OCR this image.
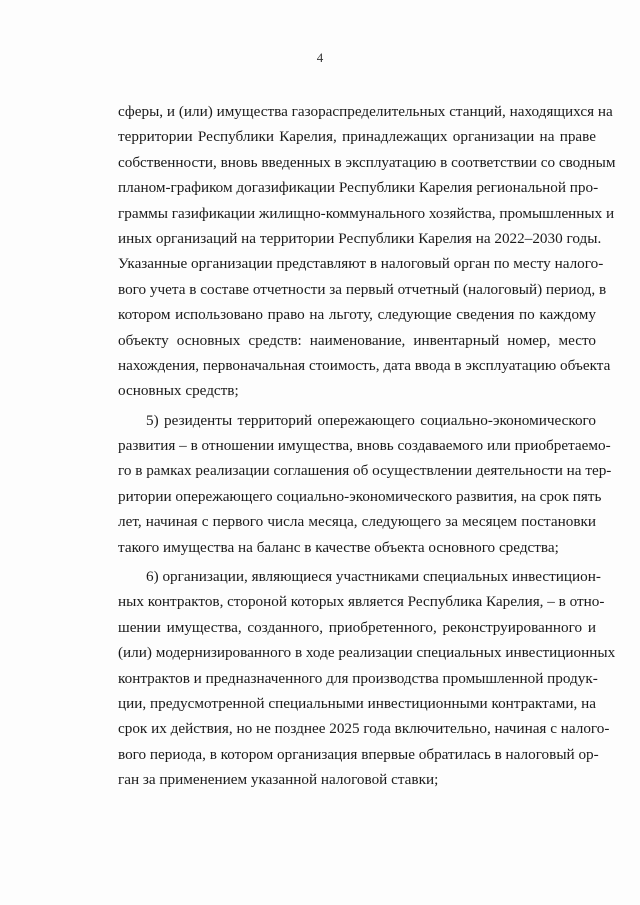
4
сферы, и (или) имущества газораспределительных станций, находящихся на
территории Республики Карелия, принадлежащих организации на праве
собственности, вновь введенных в эксплуатацию в соответствии со сводным
планом-графиком догазификации Республики Карелия региональной про-
граммы газификации жилищно-коммунального хозяйства, промышленных и
иных организаций на территории Республики Карелия на 2022–2030 годы.
Указанные организации представляют в налоговый орган по месту налого-
вого учета в составе отчетности за первый отчетный (налоговый) период, в
котором использовано право на льготу, следующие сведения по каждому
объекту основных средств: наименование, инвентарный номер, место
нахождения, первоначальная стоимость, дата ввода в эксплуатацию объекта
основных средств;
5) резиденты территорий опережающего социально-экономического
развития – в отношении имущества, вновь создаваемого или приобретаемо-
го в рамках реализации соглашения об осуществлении деятельности на тер-
ритории опережающего социально-экономического развития, на срок пять
лет, начиная с первого числа месяца, следующего за месяцем постановки
такого имущества на баланс в качестве объекта основного средства;
6) организации, являющиеся участниками специальных инвестицион-
ных контрактов, стороной которых является Республика Карелия, – в отно-
шении имущества, созданного, приобретенного, реконструированного и
(или) модернизированного в ходе реализации специальных инвестиционных
контрактов и предназначенного для производства промышленной продук-
ции, предусмотренной специальными инвестиционными контрактами, на
срок их действия, но не позднее 2025 года включительно, начиная с налого-
вого периода, в котором организация впервые обратилась в налоговый ор-
ган за применением указанной налоговой ставки;
